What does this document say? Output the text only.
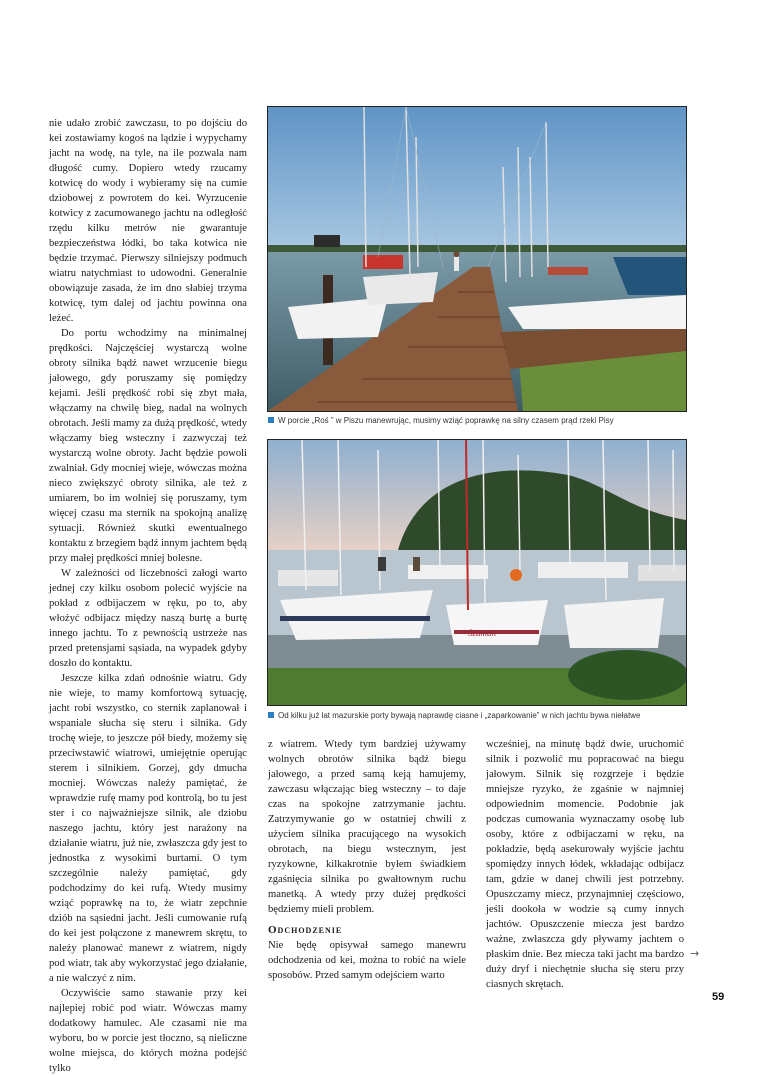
nie udało zrobić zawczasu, to po dojściu do kei zostawiamy kogoś na lądzie i wypychamy jacht na wodę, na tyle, na ile pozwala nam długość cumy. Dopiero wtedy rzucamy kotwicę do wody i wybieramy się na cumie dziobowej z powrotem do kei. Wyrzucenie kotwicy z zacumowanego jachtu na odległość rzędu kilku metrów nie gwarantuje bezpieczeństwa łódki, bo taka kotwica nie będzie trzymać. Pierwszy silniejszy podmuch wiatru natychmiast to udowodni. Generalnie obowiązuje zasada, że im dno słabiej trzyma kotwicę, tym dalej od jachtu powinna ona leżeć.

Do portu wchodzimy na minimalnej prędkości. Najczęściej wystarczą wolne obroty silnika bądź nawet wrzucenie biegu jałowego, gdy poruszamy się pomiędzy kejami. Jeśli prędkość robi się zbyt mała, włączamy na chwilę bieg, nadal na wolnych obrotach. Jeśli mamy za dużą prędkość, wtedy włączamy bieg wsteczny i zazwyczaj też wystarczą wolne obroty. Jacht będzie powoli zwalniał. Gdy mocniej wieje, wówczas można nieco zwiększyć obroty silnika, ale też z umiarem, bo im wolniej się poruszamy, tym więcej czasu ma sternik na spokojną analizę sytuacji. Również skutki ewentualnego kontaktu z brzegiem bądź innym jachtem będą przy małej prędkości mniej bolesne.

W zależności od liczebności załogi warto jednej czy kilku osobom polecić wyjście na pokład z odbijaczem w ręku, po to, aby włożyć odbijacz między naszą burtę a burtę innego jachtu. To z pewnością ustrzeże nas przed pretensjami sąsiada, na wypadek gdyby doszło do kontaktu.

Jeszcze kilka zdań odnośnie wiatru. Gdy nie wieje, to mamy komfortową sytuację, jacht robi wszystko, co sternik zaplanował i wspaniale słucha się steru i silnika. Gdy trochę wieje, to jeszcze pół biedy, możemy się przeciwstawić wiatrowi, umiejętnie operując sterem i silnikiem. Gorzej, gdy dmucha mocniej. Wówczas należy pamiętać, że wprawdzie rufę mamy pod kontrolą, bo tu jest ster i co najważniejsze silnik, ale dziobu naszego jachtu, który jest narażony na działanie wiatru, już nie, zwłaszcza gdy jest to jednostka z wysokimi burtami. O tym szczególnie należy pamiętać, gdy podchodzimy do kei rufą. Wtedy musimy wziąć poprawkę na to, że wiatr zepchnie dziób na sąsiedni jacht. Jeśli cumowanie rufą do kei jest połączone z manewrem skrętu, to należy planować manewr z wiatrem, nigdy pod wiatr, tak aby wykorzystać jego działanie, a nie walczyć z nim.

Oczywiście samo stawanie przy kei najlepiej robić pod wiatr. Wówczas mamy dodatkowy hamulec. Ale czasami nie ma wyboru, bo w porcie jest tłoczno, są nieliczne wolne miejsca, do których można podejść tylko

W porcie „Roś ” w Piszu manewrując, musimy wziąć poprawkę na silny czasem prąd rzeki Pisy
Szaman
Od kilku już lat mazurskie porty bywają naprawdę ciasne i „zaparkowanie” w nich jachtu bywa niełatwe

z wiatrem. Wtedy tym bardziej używamy wolnych obrotów silnika bądź biegu jałowego, a przed samą keją hamujemy, zawczasu włączając bieg wsteczny – to daje czas na spokojne zatrzymanie jachtu. Zatrzymywanie go w ostatniej chwili z użyciem silnika pracującego na wysokich obrotach, na biegu wstecznym, jest ryzykowne, kilkakrotnie byłem świadkiem zgaśnięcia silnika po gwałtownym ruchu manetką. A wtedy przy dużej prędkości będziemy mieli problem.

Odchodzenie

Nie będę opisywał samego manewru odchodzenia od kei, można to robić na wiele sposobów. Przed samym odejściem warto

wcześniej, na minutę bądź dwie, uruchomić silnik i pozwolić mu popracować na biegu jałowym. Silnik się rozgrzeje i będzie mniejsze ryzyko, że zgaśnie w najmniej odpowiednim momencie. Podobnie jak podczas cumowania wyznaczamy osobę lub osoby, które z odbijaczami w ręku, na pokładzie, będą asekurowały wyjście jachtu spomiędzy innych łódek, wkładając odbijacz tam, gdzie w danej chwili jest potrzebny. Opuszczamy miecz, przynajmniej częściowo, jeśli dookoła w wodzie są cumy innych jachtów. Opuszczenie miecza jest bardzo ważne, zwłaszcza gdy pływamy jachtem o płaskim dnie. Bez miecza taki jacht ma bardzo duży dryf i niechętnie słucha się steru przy ciasnych skrętach.

→
59
